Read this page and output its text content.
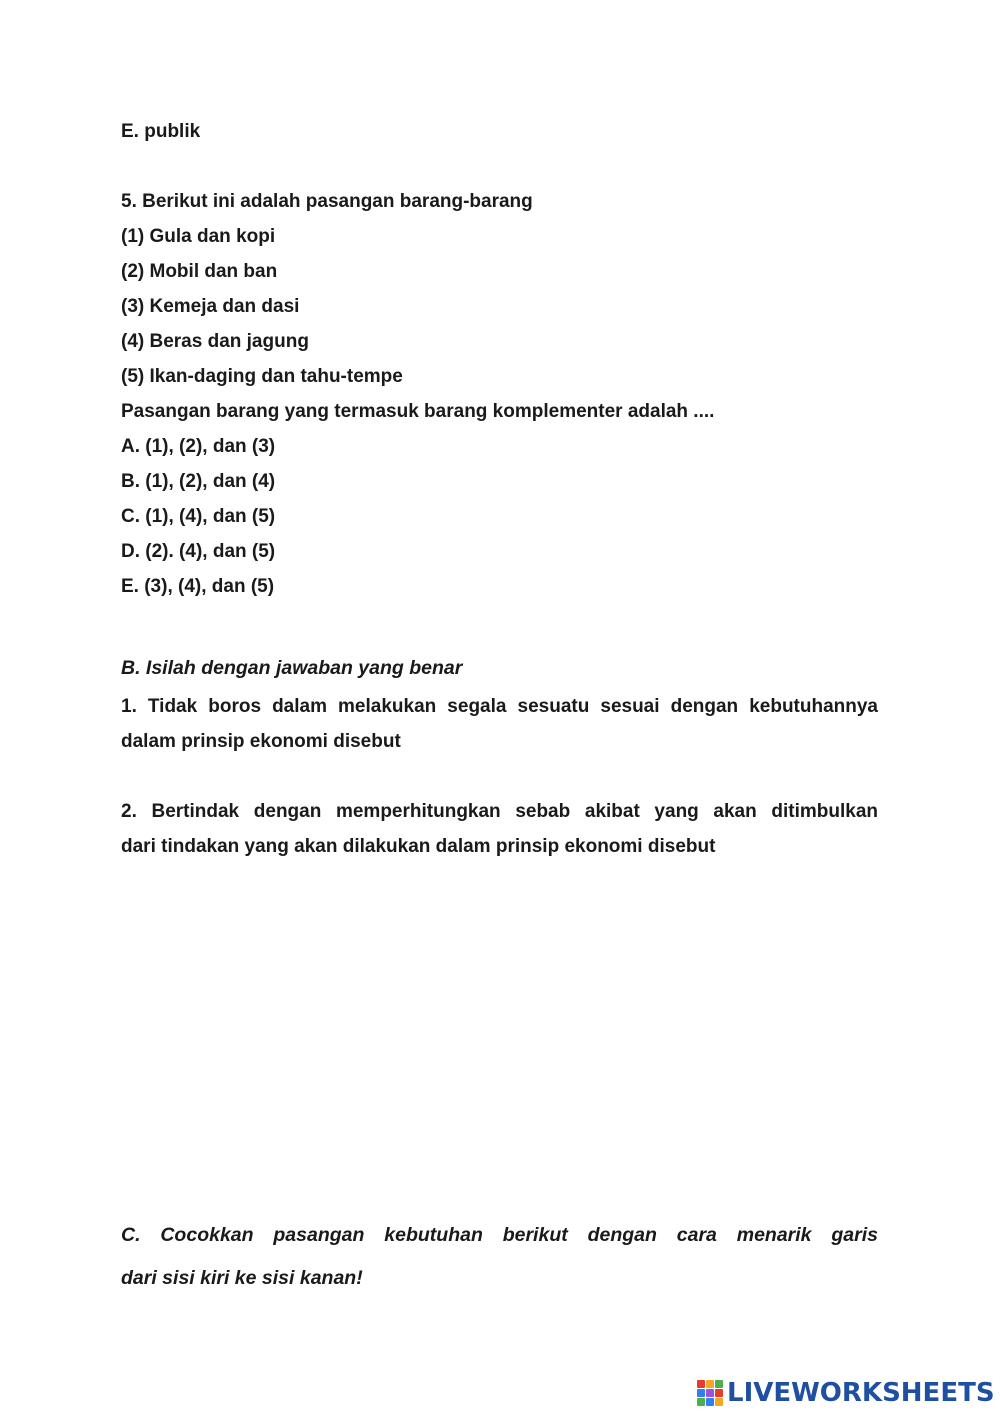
E. publik
5. Berikut ini adalah pasangan barang-barang
(1) Gula dan kopi
(2) Mobil dan ban
(3) Kemeja dan dasi
(4) Beras dan jagung
(5) Ikan-daging dan tahu-tempe
Pasangan barang yang termasuk barang komplementer adalah ....
A. (1), (2), dan (3)
B. (1), (2), dan (4)
C. (1), (4), dan (5)
D. (2). (4), dan (5)
E. (3), (4), dan (5)
B. Isilah dengan jawaban yang benar
1. Tidak boros dalam melakukan segala sesuatu sesuai dengan kebutuhannya
dalam prinsip ekonomi disebut
2. Bertindak dengan memperhitungkan sebab akibat yang akan ditimbulkan
dari tindakan yang akan dilakukan dalam prinsip ekonomi disebut
C. Cocokkan pasangan kebutuhan berikut dengan cara menarik garis
dari sisi kiri ke sisi kanan!
LIVEWORKSHEETS
